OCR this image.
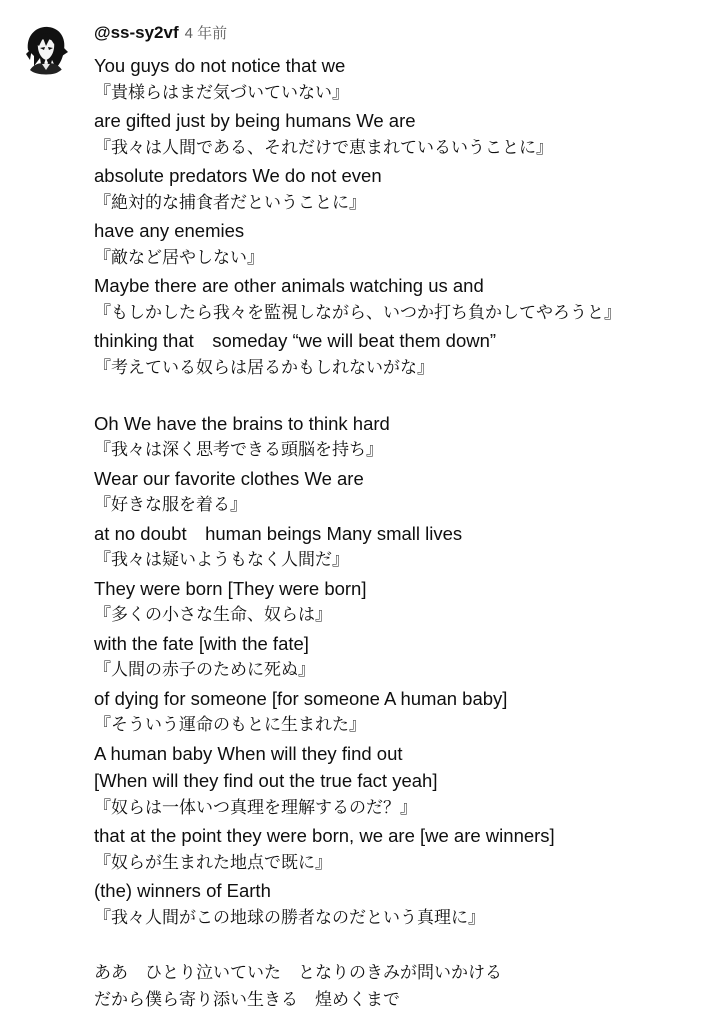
@ss-sy2vf 4 年前
You guys do not notice that we
『貴様らはまだ気づいていない』
are gifted just by being humans We are
『我々は人間である、それだけで恵まれているいうことに』
absolute predators We do not even
『絶対的な捕食者だということに』
have any enemies
『敵など居やしない』
Maybe there are other animals watching us and
『もしかしたら我々を監視しながら、いつか打ち負かしてやろうと』
thinking that　someday “we will beat them down”
『考えている奴らは居るかもしれないがな』
Oh We have the brains to think hard
『我々は深く思考できる頭脳を持ち』
Wear our favorite clothes We are
『好きな服を着る』
at no doubt　human beings Many small lives
『我々は疑いようもなく人間だ』
They were born [They were born]
『多くの小さな生命、奴らは』
with the fate [with the fate]
『人間の赤子のために死ぬ』
of dying for someone [for someone A human baby]
『そういう運命のもとに生まれた』
A human baby When will they find out
[When will they find out the true fact yeah]
『奴らは一体いつ真理を理解するのだ？』
that at the point they were born, we are [we are winners]
『奴らが生まれた地点で既に』
(the) winners of Earth
『我々人間がこの地球の勝者なのだという真理に』
ああ　ひとり泣いていた　となりのきみが問いかける
だから僕ら寄り添い生きる　煌めくまで
